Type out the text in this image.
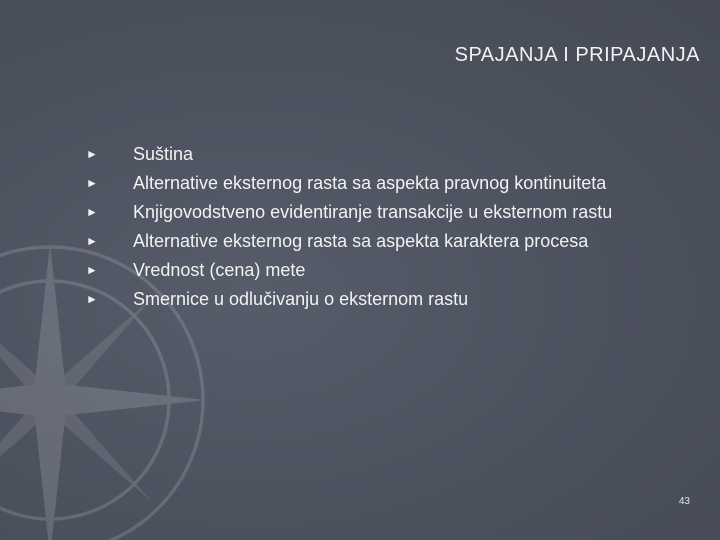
SPAJANJA I PRIPAJANJA
► Suština
► Alternative eksternog rasta sa aspekta pravnog kontinuiteta
► Knjigovodstveno evidentiranje transakcije u eksternom rastu
► Alternative eksternog rasta sa aspekta karaktera procesa
► Vrednost (cena) mete
► Smernice u odlučivanju o eksternom rastu
43
